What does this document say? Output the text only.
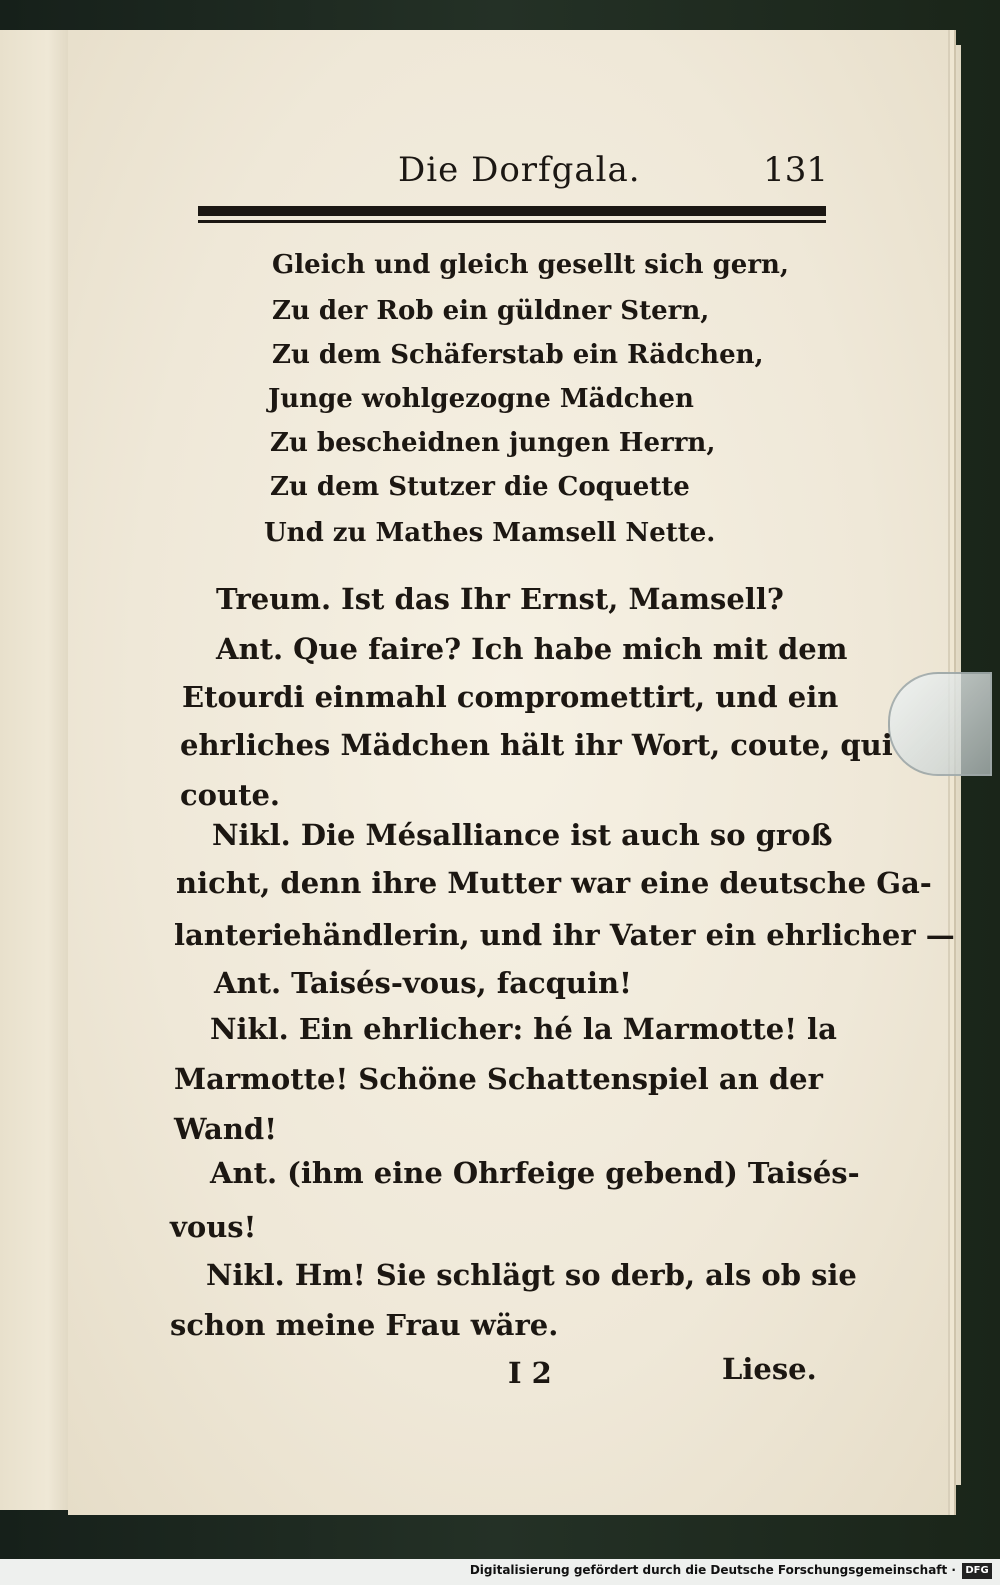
Die Dorfgala.	131
Gleich und gleich gesellt sich gern,
Zu der Rob ein güldner Stern,
Zu dem Schäferstab ein Rädchen,
Junge wohlgezogne Mädchen
Zu bescheidnen jungen Herrn,
Zu dem Stutzer die Coquette
Und zu Mathes Mamsell Nette.
Treum. Ist das Ihr Ernst, Mamsell?
Ant. Que faire? Ich habe mich mit dem
Etourdi einmahl compromettirt, und ein
ehrliches Mädchen hält ihr Wort, coute, qui
coute.
Nikl. Die Mésalliance ist auch so groß
nicht, denn ihre Mutter war eine deutsche Ga-
lanteriehändlerin, und ihr Vater ein ehrlicher —
Ant. Taisés-vous, facquin!
Nikl. Ein ehrlicher: hé la Marmotte! la
Marmotte! Schöne Schattenspiel an der
Wand!
Ant. (ihm eine Ohrfeige gebend) Taisés-
vous!
Nikl. Hm! Sie schlägt so derb, als ob sie
schon meine Frau wäre.
I 2	Liese.
Digitalisierung gefördert durch die Deutsche Forschungsgemeinschaft · DFG
